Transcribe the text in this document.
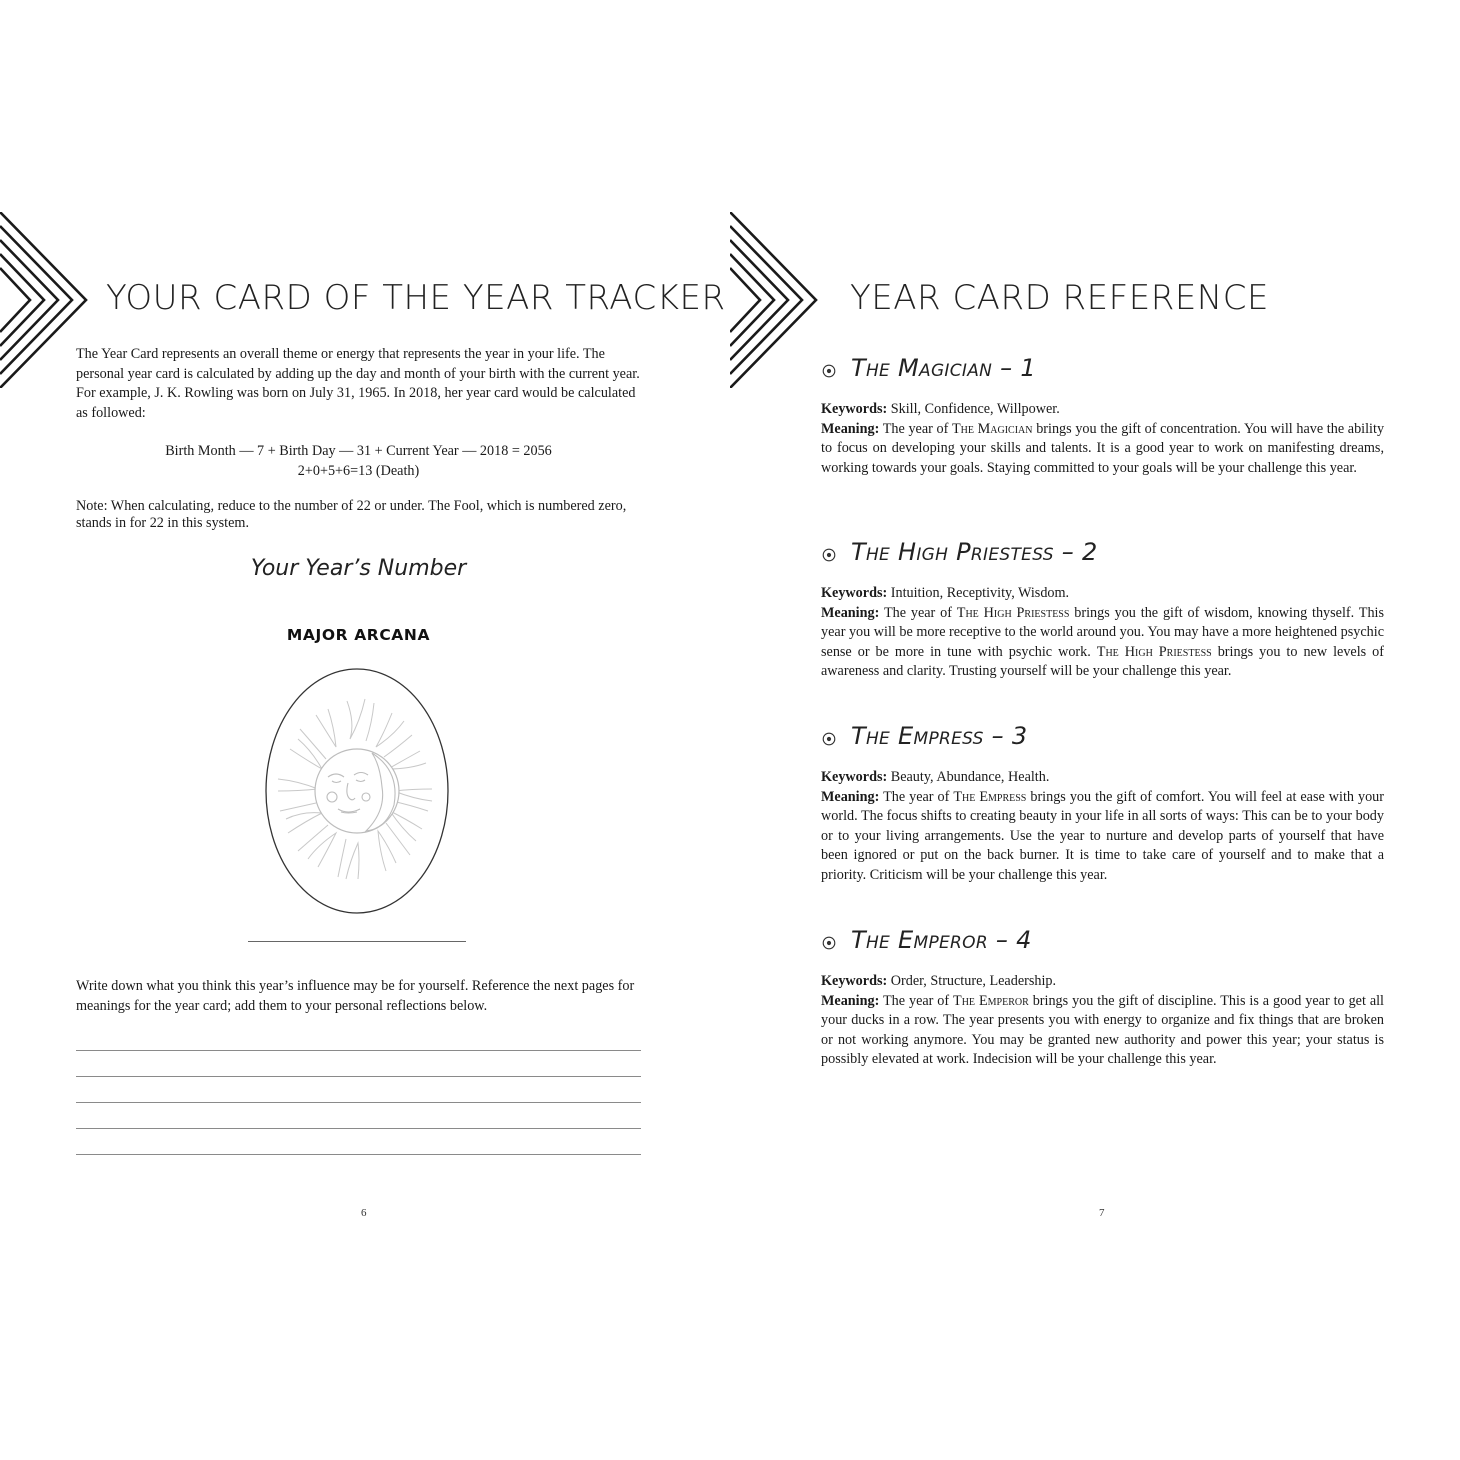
YOUR CARD OF THE YEAR TRACKER

The Year Card represents an overall theme or energy that represents the year in your life. The personal year card is calculated by adding up the day and month of your birth with the current year. For example, J. K. Rowling was born on July 31, 1965. In 2018, her year card would be calculated as followed:

Birth Month — 7 + Birth Day — 31 + Current Year — 2018 = 2056
2+0+5+6=13 (Death)

Note: When calculating, reduce to the number of 22 or under. The Fool, which is numbered zero, stands in for 22 in this system.

Your Year’s Number
MAJOR ARCANA

Write down what you think this year’s influence may be for yourself. Reference the next pages for meanings for the year card; add them to your personal reflections below.

6
YEAR CARD REFERENCE
The Magician – 1

Keywords: Skill, Confidence, Willpower.

Meaning: The year of The Magician brings you the gift of concentration. You will have the ability to focus on developing your skills and talents. It is a good year to work on manifesting dreams, working towards your goals. Staying committed to your goals will be your challenge this year.

The High Priestess – 2

Keywords: Intuition, Receptivity, Wisdom.

Meaning: The year of The High Priestess brings you the gift of wisdom, knowing thyself. This year you will be more receptive to the world around you. You may have a more heightened psychic sense or be more in tune with psychic work. The High Priestess brings you to new levels of awareness and clarity. Trusting yourself will be your challenge this year.

The Empress – 3

Keywords: Beauty, Abundance, Health.

Meaning: The year of The Empress brings you the gift of comfort. You will feel at ease with your world. The focus shifts to creating beauty in your life in all sorts of ways: This can be to your body or to your living arrangements. Use the year to nurture and develop parts of yourself that have been ignored or put on the back burner. It is time to take care of yourself and to make that a priority. Criticism will be your challenge this year.

The Emperor – 4

Keywords: Order, Structure, Leadership.

Meaning: The year of The Emperor brings you the gift of discipline. This is a good year to get all your ducks in a row. The year presents you with energy to organize and fix things that are broken or not working anymore. You may be granted new authority and power this year; your status is possibly elevated at work. Indecision will be your challenge this year.

7
